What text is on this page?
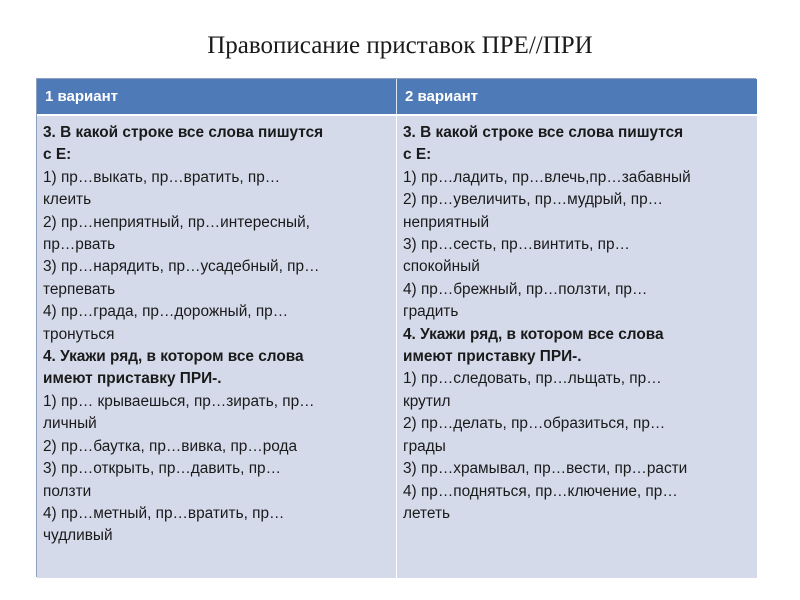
Правописание приставок ПРЕ//ПРИ
1 вариант	2 вариант
3. В какой строке все слова пишутся
с Е:
1) пр…выкать, пр…вратить, пр…
клеить
2) пр…неприятный, пр…интересный,
пр…рвать
3) пр…нарядить, пр…усадебный, пр…
терпевать
4) пр…града, пр…дорожный, пр…
тронуться
4. Укажи ряд, в котором все слова
имеют приставку ПРИ-.
1) пр… крываешься, пр…зирать, пр…
личный
2) пр…баутка, пр…вивка, пр…рода
3) пр…открыть, пр…давить, пр…
ползти
4) пр…метный, пр…вратить, пр…
чудливый
3. В какой строке все слова пишутся
с Е:
1) пр…ладить, пр…влечь,пр…забавный
2) пр…увеличить, пр…мудрый, пр…
неприятный
3) пр…сесть, пр…винтить, пр…
спокойный
4) пр…брежный, пр…ползти, пр…
градить
4. Укажи ряд, в котором все слова
имеют приставку ПРИ-.
1) пр…следовать, пр…льщать, пр…
крутил
2) пр…делать, пр…образиться, пр…
грады
3) пр…храмывал, пр…вести, пр…расти
4) пр…подняться, пр…ключение, пр…
лететь
